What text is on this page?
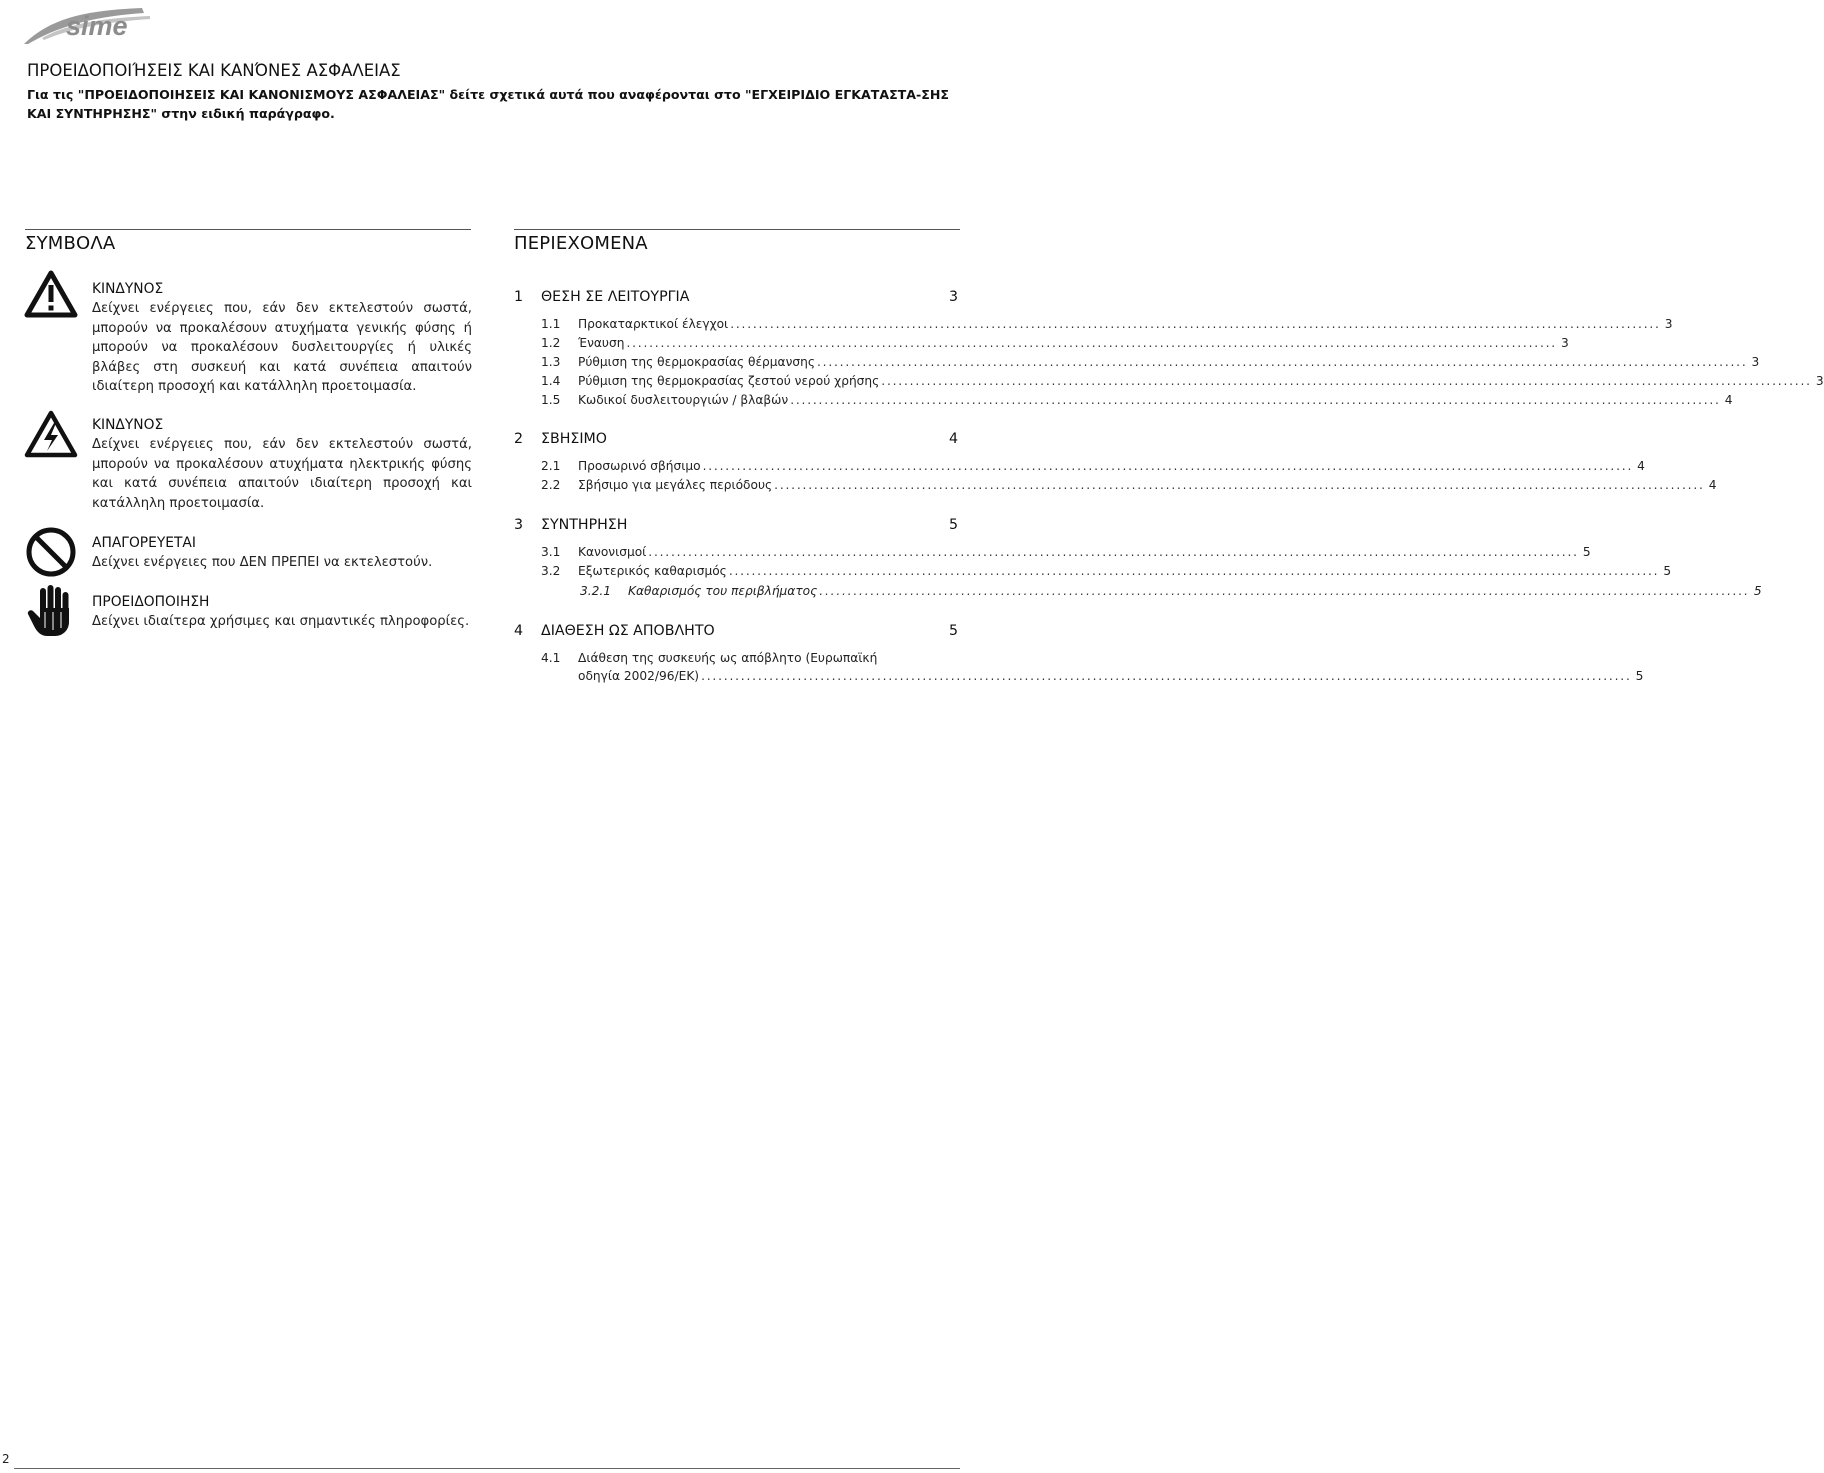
sime
ΠΡΟΕΙΔΟΠΟΙΉΣΕΙΣ ΚΑΙ ΚΑΝΌΝΕΣ ΑΣΦΑΛΕΙΑΣ
Για τις "ΠΡΟΕΙΔΟΠΟΙΗΣΕΙΣ ΚΑΙ ΚΑΝΟΝΙΣΜΟΥΣ ΑΣΦΑΛΕΙΑΣ" δείτε σχετικά αυτά που αναφέρονται στο "ΕΓΧΕΙΡΙΔΙΟ ΕΓΚΑΤΑΣΤΑ-ΣΗΣ ΚΑΙ ΣΥΝΤΗΡΗΣΗΣ" στην ειδική παράγραφο.
ΣΥΜΒΟΛΑ	ΠΕΡΙΕΧΟΜΕΝΑ
ΚΙΝΔΥΝΟΣ
Δείχνει ενέργειες που, εάν δεν εκτελεστούν σωστά, μπορούν να προκαλέσουν ατυχήματα γενικής φύσης ή μπορούν να προκαλέσουν δυσλειτουργίες ή υλικές βλάβες στη συσκευή και κατά συνέπεια απαιτούν ιδιαίτερη προσοχή και κατάλληλη προετοιμασία.
ΚΙΝΔΥΝΟΣ
Δείχνει ενέργειες που, εάν δεν εκτελεστούν σωστά, μπορούν να προκαλέσουν ατυχήματα ηλεκτρικής φύσης και κατά συνέπεια απαιτούν ιδιαίτερη προσοχή και κατάλληλη προετοιμασία.
ΑΠΑΓΟΡΕΥΕΤΑΙ
Δείχνει ενέργειες που ΔΕΝ ΠΡΕΠΕΙ να εκτελεστούν.
ΠΡΟΕΙΔΟΠΟΙΗΣΗ
Δείχνει ιδιαίτερα χρήσιμες και σημαντικές πληροφορίες.
1 ΘΕΣΗ ΣΕ ΛΕΙΤΟΥΡΓΙΑ	3
1.1 Προκαταρκτικοί έλεγχοι .................................................................................................................................................................... 3
1.2 Έναυση .................................................................................................................................................................... 3
1.3 Ρύθμιση της θερμοκρασίας θέρμανσης .................................................................................................................................................................... 3
1.4 Ρύθμιση της θερμοκρασίας ζεστού νερού χρήσης .................................................................................................................................................................... 3
1.5 Κωδικοί δυσλειτουργιών / βλαβών .................................................................................................................................................................... 4
2 ΣΒΗΣΙΜΟ	4
2.1 Προσωρινό σβήσιμο .................................................................................................................................................................... 4
2.2 Σβήσιμο για μεγάλες περιόδους .................................................................................................................................................................... 4
3 ΣΥΝΤΗΡΗΣΗ	5
3.1 Κανονισμοί .................................................................................................................................................................... 5
3.2 Εξωτερικός καθαρισμός .................................................................................................................................................................... 5
3.2.1 Καθαρισμός του περιβλήματος .................................................................................................................................................................... 5
4 ΔΙΑΘΕΣΗ ΩΣ ΑΠΟΒΛΗΤΟ	5
4.1 Διάθεση της συσκευής ως απόβλητο (Ευρωπαϊκή
οδηγία 2002/96/ΕΚ) .................................................................................................................................................................... 5
2
